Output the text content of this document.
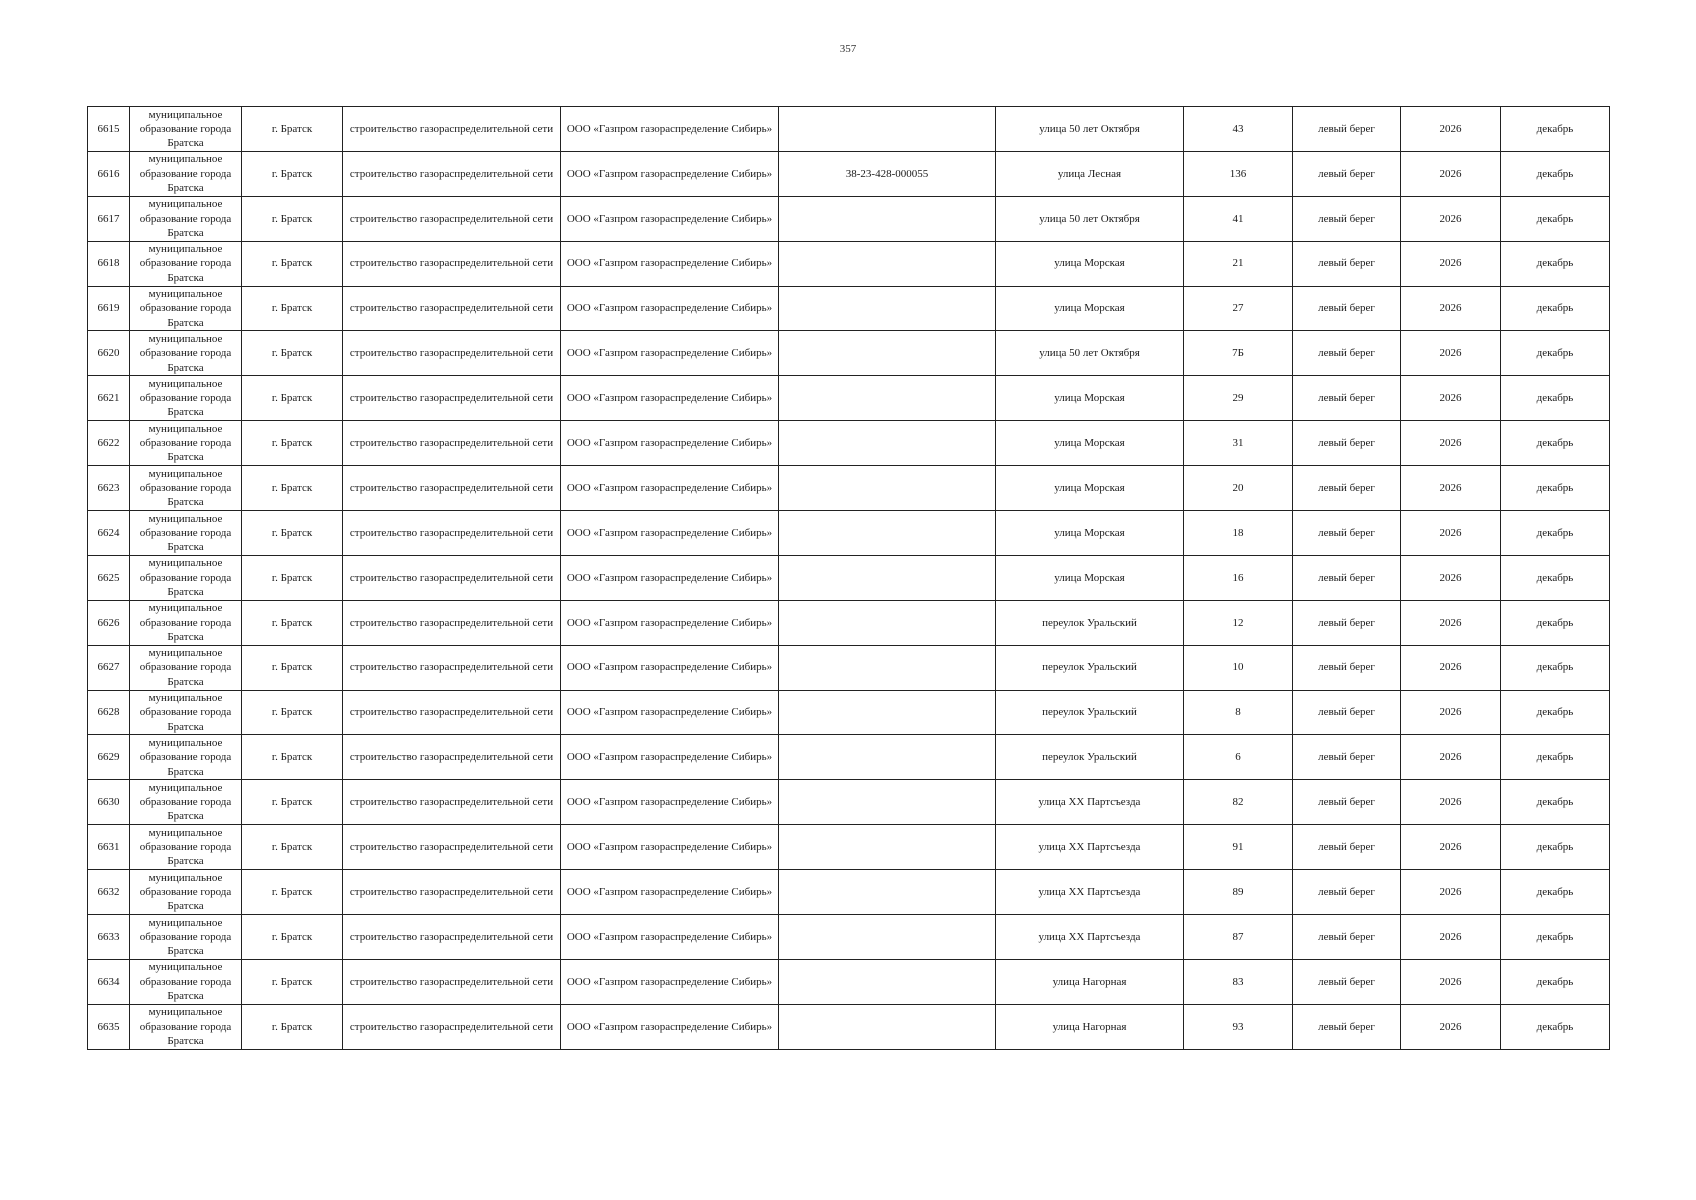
357
6615	муниципальное образование города Братска	г. Братск	строительство газораспределительной сети	ООО «Газпром газораспределение Сибирь»		улица 50 лет Октября	43	левый берег	2026	декабрь
6616	муниципальное образование города Братска	г. Братск	строительство газораспределительной сети	ООО «Газпром газораспределение Сибирь»	38-23-428-000055	улица Лесная	136	левый берег	2026	декабрь
6617	муниципальное образование города Братска	г. Братск	строительство газораспределительной сети	ООО «Газпром газораспределение Сибирь»		улица 50 лет Октября	41	левый берег	2026	декабрь
6618	муниципальное образование города Братска	г. Братск	строительство газораспределительной сети	ООО «Газпром газораспределение Сибирь»		улица Морская	21	левый берег	2026	декабрь
6619	муниципальное образование города Братска	г. Братск	строительство газораспределительной сети	ООО «Газпром газораспределение Сибирь»		улица Морская	27	левый берег	2026	декабрь
6620	муниципальное образование города Братска	г. Братск	строительство газораспределительной сети	ООО «Газпром газораспределение Сибирь»		улица 50 лет Октября	7Б	левый берег	2026	декабрь
6621	муниципальное образование города Братска	г. Братск	строительство газораспределительной сети	ООО «Газпром газораспределение Сибирь»		улица Морская	29	левый берег	2026	декабрь
6622	муниципальное образование города Братска	г. Братск	строительство газораспределительной сети	ООО «Газпром газораспределение Сибирь»		улица Морская	31	левый берег	2026	декабрь
6623	муниципальное образование города Братска	г. Братск	строительство газораспределительной сети	ООО «Газпром газораспределение Сибирь»		улица Морская	20	левый берег	2026	декабрь
6624	муниципальное образование города Братска	г. Братск	строительство газораспределительной сети	ООО «Газпром газораспределение Сибирь»		улица Морская	18	левый берег	2026	декабрь
6625	муниципальное образование города Братска	г. Братск	строительство газораспределительной сети	ООО «Газпром газораспределение Сибирь»		улица Морская	16	левый берег	2026	декабрь
6626	муниципальное образование города Братска	г. Братск	строительство газораспределительной сети	ООО «Газпром газораспределение Сибирь»		переулок Уральский	12	левый берег	2026	декабрь
6627	муниципальное образование города Братска	г. Братск	строительство газораспределительной сети	ООО «Газпром газораспределение Сибирь»		переулок Уральский	10	левый берег	2026	декабрь
6628	муниципальное образование города Братска	г. Братск	строительство газораспределительной сети	ООО «Газпром газораспределение Сибирь»		переулок Уральский	8	левый берег	2026	декабрь
6629	муниципальное образование города Братска	г. Братск	строительство газораспределительной сети	ООО «Газпром газораспределение Сибирь»		переулок Уральский	6	левый берег	2026	декабрь
6630	муниципальное образование города Братска	г. Братск	строительство газораспределительной сети	ООО «Газпром газораспределение Сибирь»		улица XX Партсъезда	82	левый берег	2026	декабрь
6631	муниципальное образование города Братска	г. Братск	строительство газораспределительной сети	ООО «Газпром газораспределение Сибирь»		улица XX Партсъезда	91	левый берег	2026	декабрь
6632	муниципальное образование города Братска	г. Братск	строительство газораспределительной сети	ООО «Газпром газораспределение Сибирь»		улица XX Партсъезда	89	левый берег	2026	декабрь
6633	муниципальное образование города Братска	г. Братск	строительство газораспределительной сети	ООО «Газпром газораспределение Сибирь»		улица XX Партсъезда	87	левый берег	2026	декабрь
6634	муниципальное образование города Братска	г. Братск	строительство газораспределительной сети	ООО «Газпром газораспределение Сибирь»		улица Нагорная	83	левый берег	2026	декабрь
6635	муниципальное образование города Братска	г. Братск	строительство газораспределительной сети	ООО «Газпром газораспределение Сибирь»		улица Нагорная	93	левый берег	2026	декабрь
